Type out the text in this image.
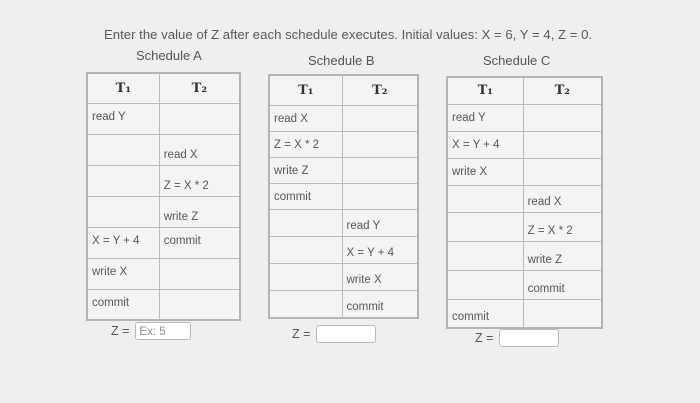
Enter the value of Z after each schedule executes. Initial values: X = 6, Y = 4, Z = 0.
Schedule A
T₁	T₂
read Y	
	read X
	Z = X * 2
	write Z
X = Y + 4	commit
write X	
commit	
Z = Ex: 5
Schedule B
T₁	T₂
read X	
Z = X * 2	
write Z	
commit	
	read Y
	X = Y + 4
	write X
	commit
Z =
Schedule C
T₁	T₂
read Y	
X = Y + 4	
write X	
	read X
	Z = X * 2
	write Z
	commit
commit	
Z =
